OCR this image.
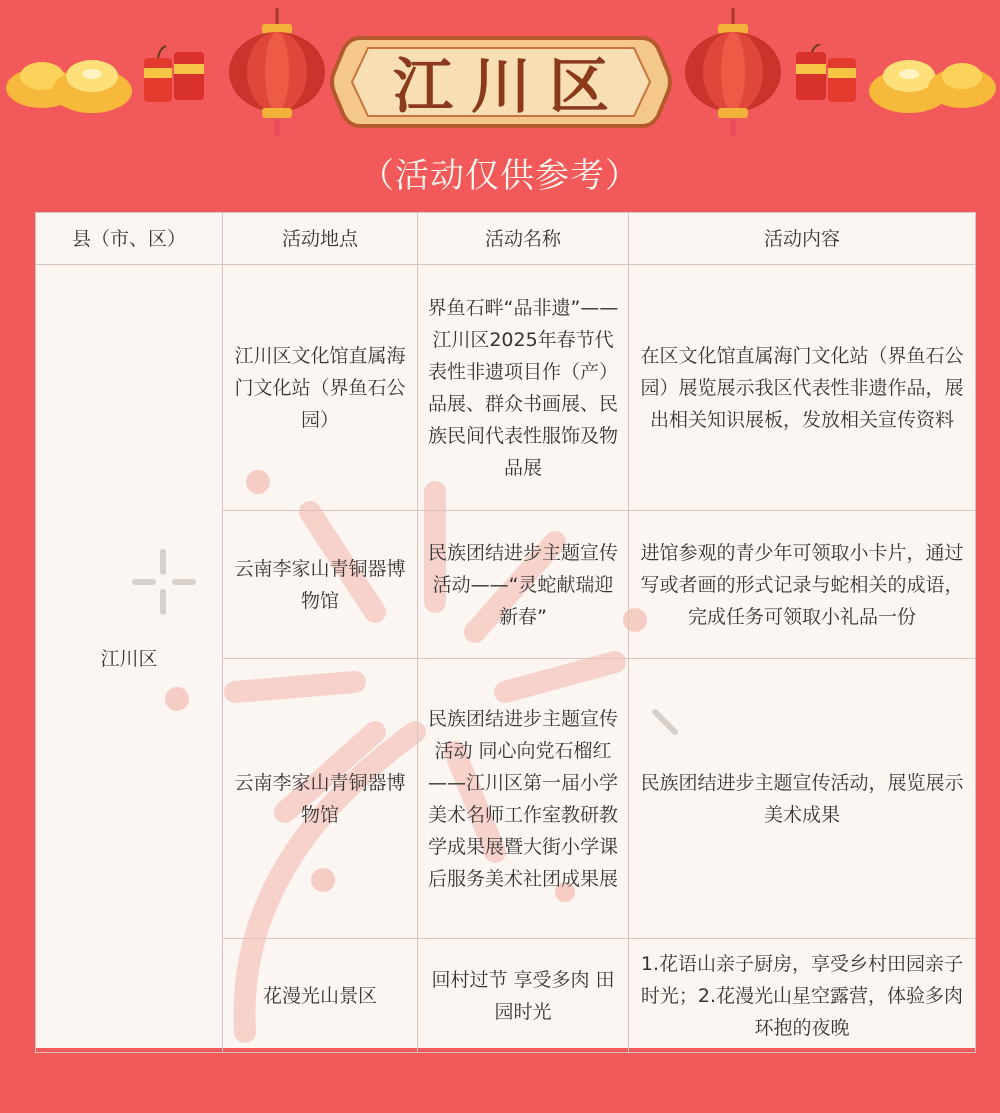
江川区
（活动仅供参考）
县（市、区）	活动地点	活动名称	活动内容
江川区	江川区文化馆直属海门文化站（界鱼石公园）	界鱼石畔“品非遗”——江川区2025年春节代表性非遗项目作（产）品展、群众书画展、民族民间代表性服饰及物品展	在区文化馆直属海门文化站（界鱼石公园）展览展示我区代表性非遗作品，展出相关知识展板，发放相关宣传资料
	云南李家山青铜器博物馆	民族团结进步主题宣传活动——“灵蛇献瑞迎新春”	进馆参观的青少年可领取小卡片，通过写或者画的形式记录与蛇相关的成语，完成任务可领取小礼品一份
	云南李家山青铜器博物馆	民族团结进步主题宣传活动 同心向党石榴红——江川区第一届小学美术名师工作室教研教学成果展暨大街小学课后服务美术社团成果展	民族团结进步主题宣传活动，展览展示美术成果
	花漫光山景区	回村过节 享受多肉 田园时光	1.花语山亲子厨房，享受乡村田园亲子时光；2.花漫光山星空露营，体验多肉环抱的夜晚
